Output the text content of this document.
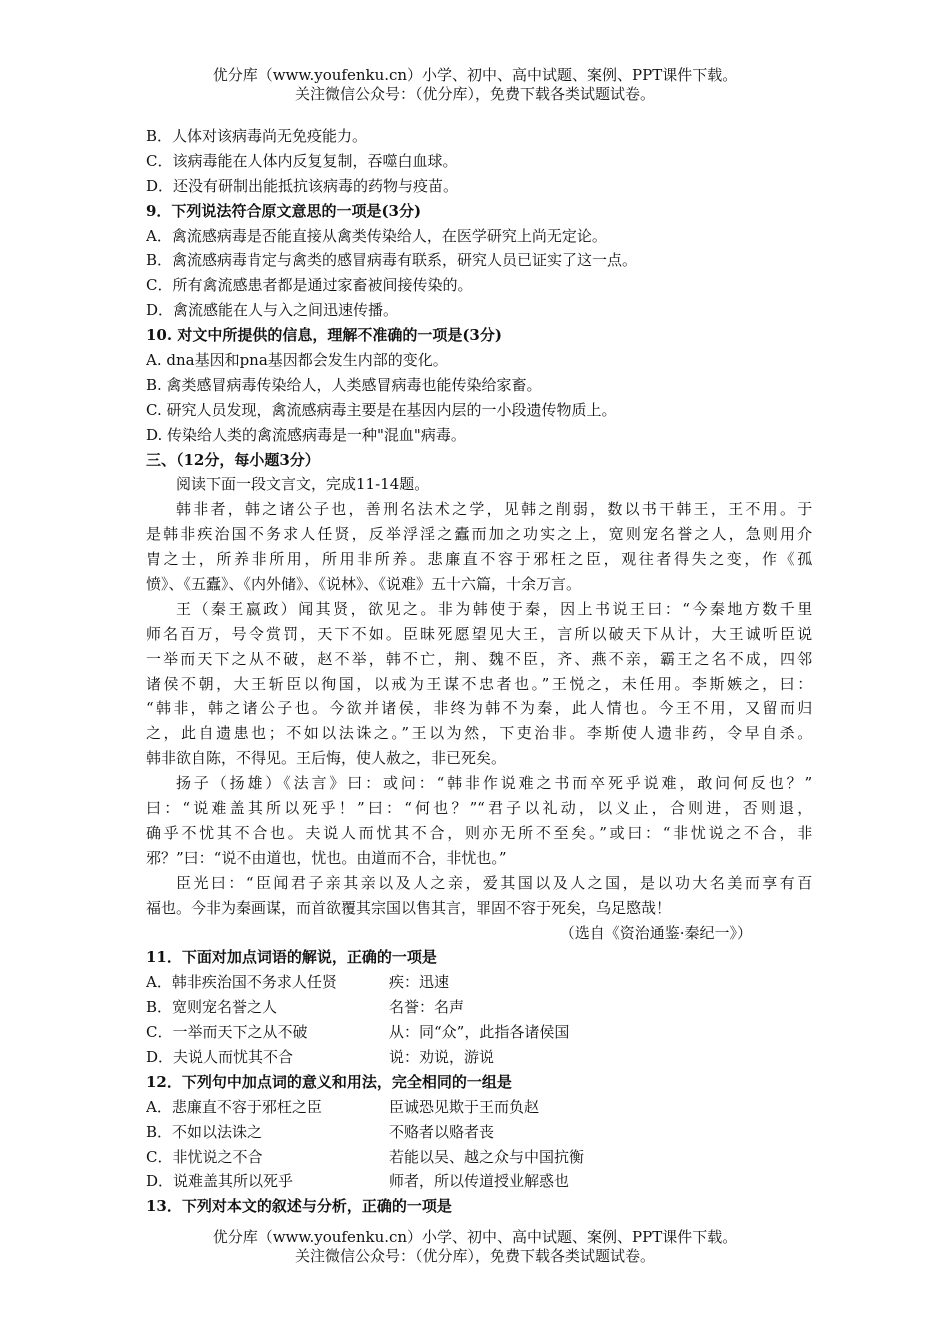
优分库（www.youfenku.cn）小学、初中、高中试题、案例、PPT课件下载。
关注微信公众号：（优分库），免费下载各类试题试卷。
B．人体对该病毒尚无免疫能力。
C．该病毒能在人体内反复复制，吞噬白血球。
D．还没有研制出能抵抗该病毒的药物与疫苗。
9．下列说法符合原文意思的一项是(3分)
A．禽流感病毒是否能直接从禽类传染给人，在医学研究上尚无定论。
B．禽流感病毒肯定与禽类的感冒病毒有联系，研究人员已证实了这一点。
C．所有禽流感患者都是通过家畜被间接传染的。
D．禽流感能在人与入之间迅速传播。
10. 对文中所提供的信息，理解不准确的一项是(3分)
A. dna基因和pna基因都会发生内部的变化。
B. 禽类感冒病毒传染给人，人类感冒病毒也能传染给家畜。
C. 研究人员发现，禽流感病毒主要是在基因内层的一小段遗传物质上。
D. 传染给人类的禽流感病毒是一种"混血"病毒。
三、（12分，每小题3分）
阅读下面一段文言文，完成11-14题。
韩非者，韩之诸公子也，善刑名法术之学，见韩之削弱，数以书干韩王，王不用。于
是韩非疾治国不务求人任贤，反举浮淫之蠹而加之功实之上，宽则宠名誉之人，急则用介
胄之士，所养非所用，所用非所养。悲廉直不容于邪枉之臣，观往者得失之变，作《孤
愤》、《五蠹》、《内外储》、《说林》、《说难》五十六篇，十余万言。
王（秦王嬴政）闻其贤，欲见之。非为韩使于秦，因上书说王曰：“今秦地方数千里
师名百万，号令赏罚，天下不如。臣昧死愿望见大王，言所以破天下从计，大王诚听臣说
一举而天下之从不破，赵不举，韩不亡，荆、魏不臣，齐、燕不亲，霸王之名不成，四邻
诸侯不朝，大王斩臣以徇国，以戒为王谋不忠者也。”王悦之，未任用。李斯嫉之，曰：
“韩非，韩之诸公子也。今欲并诸侯，非终为韩不为秦，此人情也。今王不用，又留而归
之，此自遗患也；不如以法诛之。”王以为然，下吏治非。李斯使人遗非药，令早自杀。
韩非欲自陈，不得见。王后悔，使人赦之，非已死矣。
扬子（扬雄）《法言》曰：或问：“韩非作说难之书而卒死乎说难，敢问何反也？”
曰：“说难盖其所以死乎！”曰：“何也？”“君子以礼动，以义止，合则进，否则退，
确乎不忧其不合也。夫说人而忧其不合，则亦无所不至矣。”或曰：“非忧说之不合，非
邪？”曰：“说不由道也，忧也。由道而不合，非忧也。”
臣光曰：“臣闻君子亲其亲以及人之亲，爱其国以及人之国，是以功大名美而享有百
福也。今非为秦画谋，而首欲覆其宗国以售其言，罪固不容于死矣，乌足愍哉！
（选自《资治通鉴·秦纪一》）
11．下面对加点词语的解说，正确的一项是
A．韩非疾治国不务求人任贤	疾：迅速
B．宽则宠名誉之人	名誉：名声
C．一举而天下之从不破	从：同“众”，此指各诸侯国
D．夫说人而忧其不合	说：劝说，游说
12．下列句中加点词的意义和用法，完全相同的一组是
A．悲廉直不容于邪枉之臣	臣诚恐见欺于王而负赵
B．不如以法诛之	不赂者以赂者丧
C．非忧说之不合	若能以吴、越之众与中国抗衡
D．说难盖其所以死乎	师者，所以传道授业解惑也
13．下列对本文的叙述与分析，正确的一项是
优分库（www.youfenku.cn）小学、初中、高中试题、案例、PPT课件下载。
关注微信公众号：（优分库），免费下载各类试题试卷。
